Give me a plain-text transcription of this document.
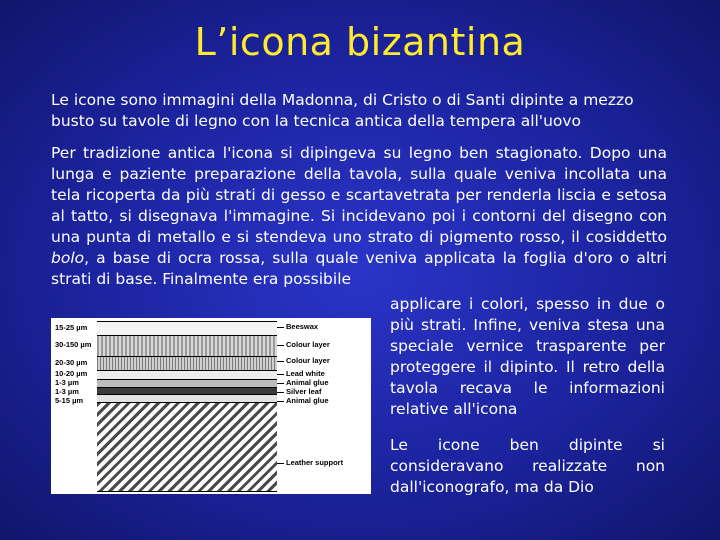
L’icona bizantina
Le icone sono immagini della Madonna, di Cristo o di Santi dipinte a mezzo busto su tavole di legno con la tecnica antica della tempera all'uovo
Per tradizione antica l'icona si dipingeva su legno ben stagionato. Dopo una lunga e paziente preparazione della tavola, sulla quale veniva incollata una tela ricoperta da più strati di gesso e scartavetrata per renderla liscia e setosa al tatto, si disegnava l'immagine. Si incidevano poi i contorni del disegno con una punta di metallo e si stendeva uno strato di pigmento rosso, il cosiddetto bolo, a base di ocra rossa, sulla quale veniva applicata la foglia d'oro o altri strati di base. Finalmente era possibile
15-25 µm
30-150 µm
20-30 µm
10-20 µm
1-3 µm
1-3 µm
5-15 µm
Beeswax
Colour layer
Colour layer
Lead white
Animal glue
Silver leaf
Animal glue
Leather support
applicare i colori, spesso in due o più strati. Infine, veniva stesa una speciale vernice trasparente per proteggere il dipinto. Il retro della tavola recava le informazioni relative all'icona
Le icone ben dipinte si consideravano realizzate non dall'iconografo, ma da Dio
